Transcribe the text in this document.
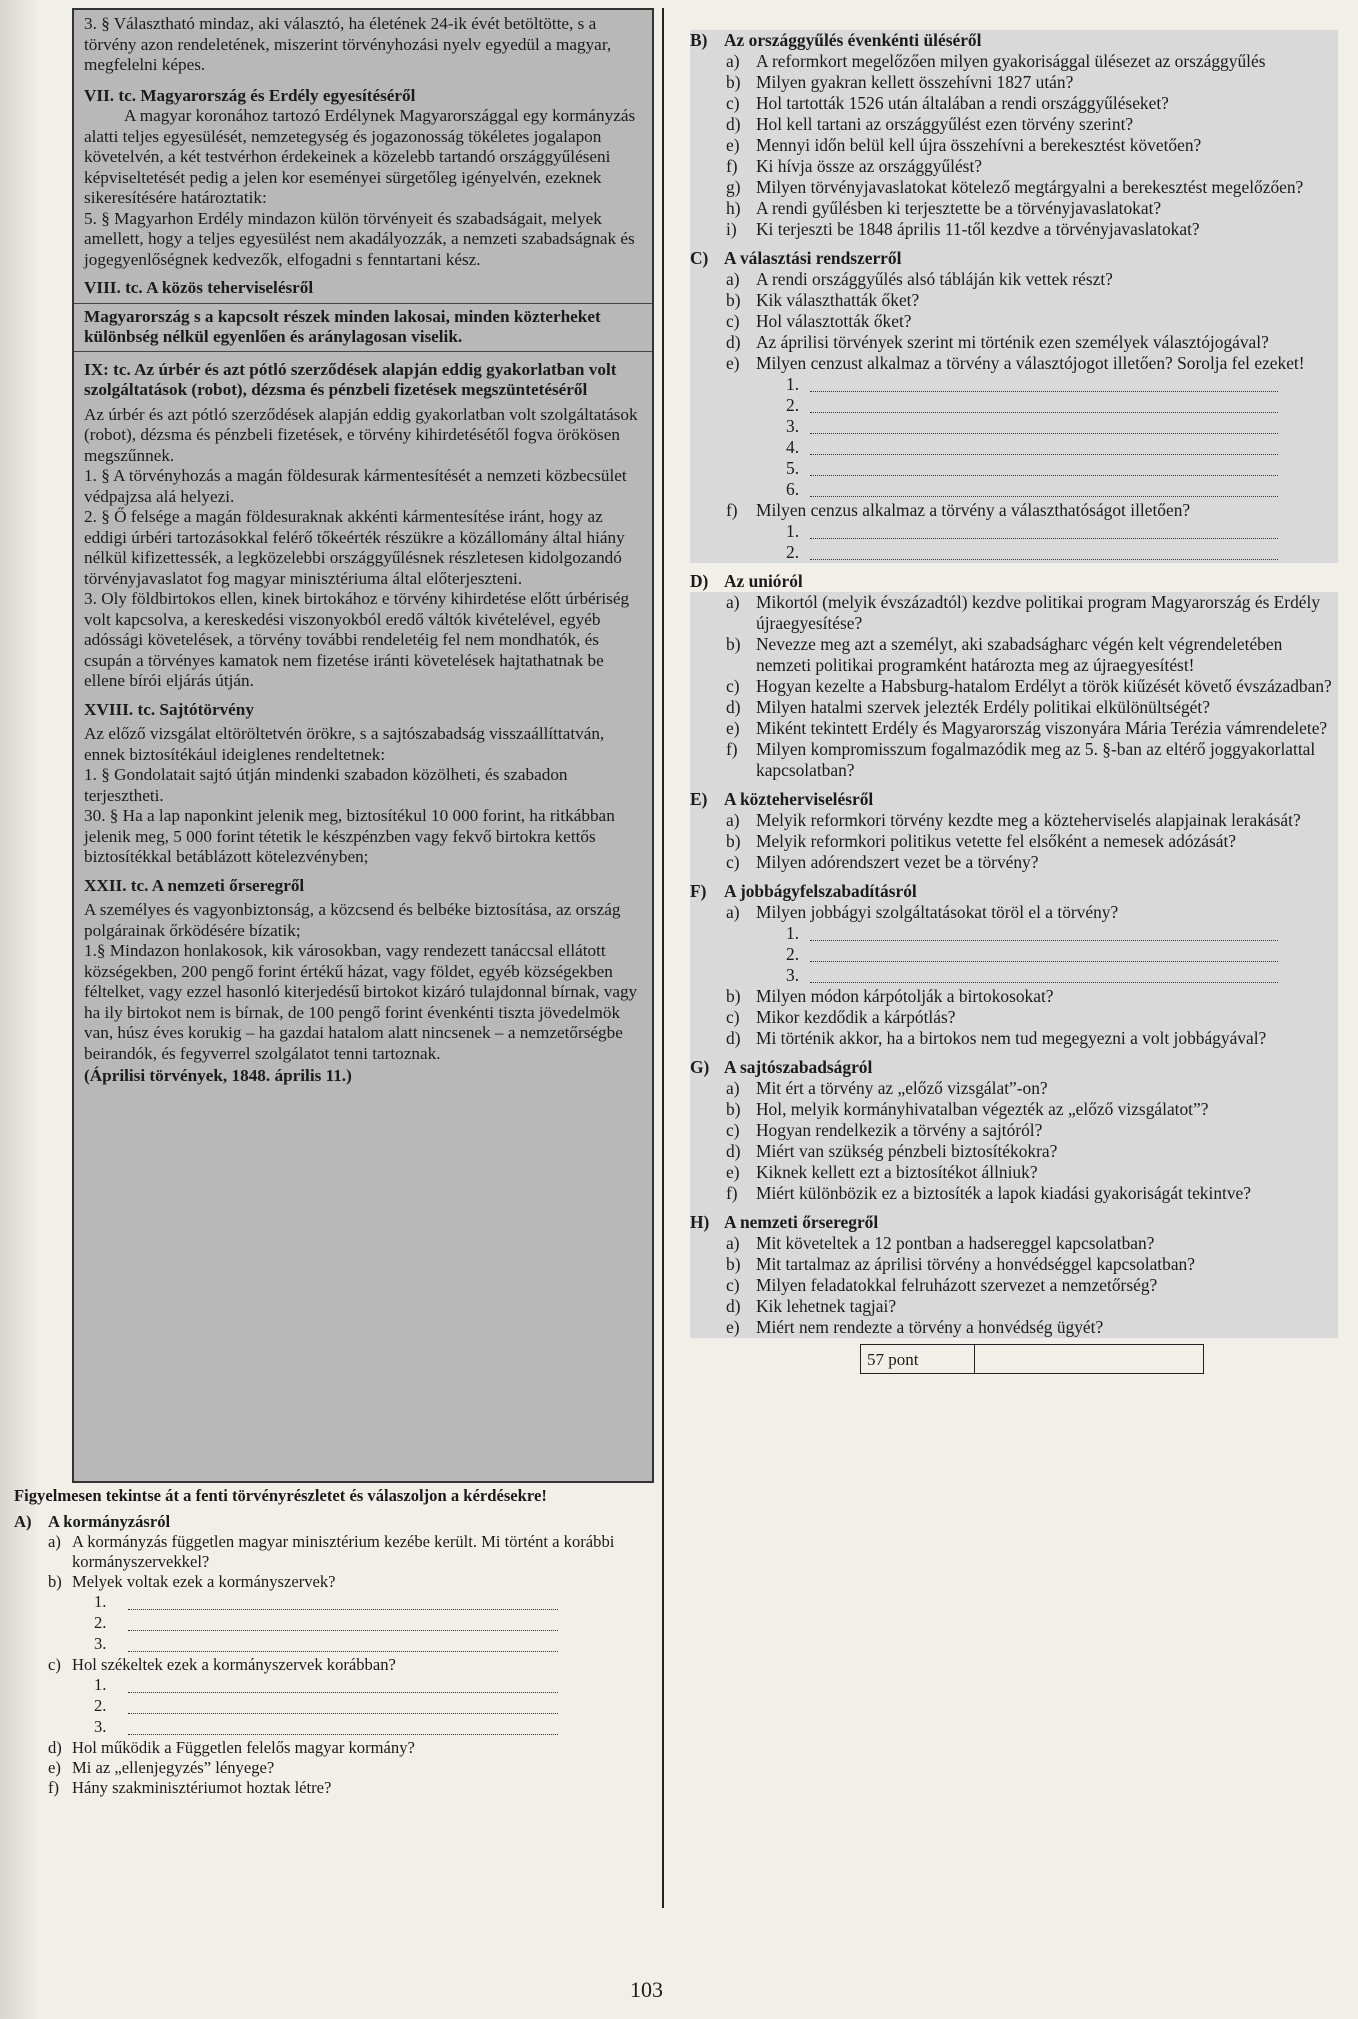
3. § Választható mindaz, aki választó, ha életének 24-ik évét betöltötte, s a törvény azon rendeletének, miszerint törvényhozási nyelv egyedül a magyar, megfelelni képes.

VII. tc. Magyarország és Erdély egyesítéséről

A magyar koronához tartozó Erdélynek Magyarországgal egy kormányzás alatti teljes egyesülését, nemzetegység és jogazonosság tökéletes jogalapon követelvén, a két testvérhon érdekeinek a közelebb tartandó országgyűléseni képviseltetését pedig a jelen kor eseményei sürgetőleg igényelvén, ezeknek sikeresítésére határoztatik:

5. § Magyarhon Erdély mindazon külön törvényeit és szabadságait, melyek amellett, hogy a teljes egyesülést nem akadályozzák, a nemzeti szabadságnak és jogegyenlőségnek kedvezők, elfogadni s fenntartani kész.

VIII. tc. A közös teherviselésről

Magyarország s a kapcsolt részek minden lakosai, minden közterheket különbség nélkül egyenlően és aránylagosan viselik.

IX: tc. Az úrbér és azt pótló szerződések alapján eddig gyakorlatban volt szolgáltatások (robot), dézsma és pénzbeli fizetések megszüntetéséről

Az úrbér és azt pótló szerződések alapján eddig gyakorlatban volt szolgáltatások (robot), dézsma és pénzbeli fizetések, e törvény kihirdetésétől fogva örökösen megszűnnek.

1. § A törvényhozás a magán földesurak kármentesítését a nemzeti közbecsület védpajzsa alá helyezi.

2. § Ő felsége a magán földesuraknak akkénti kármentesítése iránt, hogy az eddigi úrbéri tartozásokkal felérő tőkeérték részükre a közállomány által hiány nélkül kifizettessék, a legközelebbi országgyűlésnek részletesen kidolgozandó törvényjavaslatot fog magyar minisztériuma által előterjeszteni.

3. Oly földbirtokos ellen, kinek birtokához e törvény kihirdetése előtt úrbériség volt kapcsolva, a kereskedési viszonyokból eredő váltók kivételével, egyéb adóssági követelések, a törvény további rendeletéig fel nem mondhatók, és csupán a törvényes kamatok nem fizetése iránti követelések hajtathatnak be ellene bírói eljárás útján.

XVIII. tc. Sajtótörvény

Az előző vizsgálat eltöröltetvén örökre, s a sajtószabadság visszaállíttatván, ennek biztosítékául ideiglenes rendeltetnek:

1. § Gondolatait sajtó útján mindenki szabadon közölheti, és szabadon terjesztheti.

30. § Ha a lap naponkint jelenik meg, biztosítékul 10 000 forint, ha ritkábban jelenik meg, 5 000 forint tétetik le készpénzben vagy fekvő birtokra kettős biztosítékkal betáblázott kötelezvényben;

XXII. tc. A nemzeti őrseregről

A személyes és vagyonbiztonság, a közcsend és belbéke biztosítása, az ország polgárainak őrködésére bízatik;

1.§ Mindazon honlakosok, kik városokban, vagy rendezett tanáccsal ellátott községekben, 200 pengő forint értékű házat, vagy földet, egyéb községekben féltelket, vagy ezzel hasonló kiterjedésű birtokot kizáró tulajdonnal bírnak, vagy ha ily birtokot nem is bírnak, de 100 pengő forint évenkénti tiszta jövedelmök van, húsz éves korukig – ha gazdai hatalom alatt nincsenek – a nemzetőrségbe beirandók, és fegyverrel szolgálatot tenni tartoznak.

(Áprilisi törvények, 1848. április 11.)

Figyelmesen tekintse át a fenti törvényrészletet és válaszoljon a kérdésekre!

A) A kormányzásról
a) A kormányzás független magyar minisztérium kezébe került. Mi történt a korábbi kormányszervekkel?
b) Melyek voltak ezek a kormányszervek?
1.
2.
3.
c) Hol székeltek ezek a kormányszervek korábban?
1.
2.
3.
d) Hol működik a Független felelős magyar kormány?
e) Mi az „ellenjegyzés” lényege?
f) Hány szakminisztériumot hoztak létre?
B) Az országgyűlés évenkénti üléséről
a) A reformkort megelőzően milyen gyakorisággal ülésezet az országgyűlés
b) Milyen gyakran kellett összehívni 1827 után?
c) Hol tartották 1526 után általában a rendi országgyűléseket?
d) Hol kell tartani az országgyűlést ezen törvény szerint?
e) Mennyi időn belül kell újra összehívni a berekesztést követően?
f) Ki hívja össze az országgyűlést?
g) Milyen törvényjavaslatokat kötelező megtárgyalni a berekesztést megelőzően?
h) A rendi gyűlésben ki terjesztette be a törvényjavaslatokat?
i) Ki terjeszti be 1848 április 11-től kezdve a törvényjavaslatokat?
C) A választási rendszerről
a) A rendi országgyűlés alsó tábláján kik vettek részt?
b) Kik választhatták őket?
c) Hol választották őket?
d) Az áprilisi törvények szerint mi történik ezen személyek választójogával?
e) Milyen cenzust alkalmaz a törvény a választójogot illetően? Sorolja fel ezeket!
1.
2.
3.
4.
5.
6.
f) Milyen cenzus alkalmaz a törvény a választhatóságot illetően?
1.
2.
D) Az unióról
a) Mikortól (melyik évszázadtól) kezdve politikai program Magyarország és Erdély újraegyesítése?
b) Nevezze meg azt a személyt, aki szabadságharc végén kelt végrendeletében nemzeti politikai programként határozta meg az újraegyesítést!
c) Hogyan kezelte a Habsburg-hatalom Erdélyt a török kiűzését követő évszázadban?
d) Milyen hatalmi szervek jelezték Erdély politikai elkülönültségét?
e) Miként tekintett Erdély és Magyarország viszonyára Mária Terézia vámrendelete?
f) Milyen kompromisszum fogalmazódik meg az 5. §-ban az eltérő joggyakorlattal kapcsolatban?
E) A közteherviselésről
a) Melyik reformkori törvény kezdte meg a közteherviselés alapjainak lerakását?
b) Melyik reformkori politikus vetette fel elsőként a nemesek adózását?
c) Milyen adórendszert vezet be a törvény?
F) A jobbágyfelszabadításról
a) Milyen jobbágyi szolgáltatásokat töröl el a törvény?
1.
2.
3.
b) Milyen módon kárpótolják a birtokosokat?
c) Mikor kezdődik a kárpótlás?
d) Mi történik akkor, ha a birtokos nem tud megegyezni a volt jobbágyával?
G) A sajtószabadságról
a) Mit ért a törvény az „előző vizsgálat”-on?
b) Hol, melyik kormányhivatalban végezték az „előző vizsgálatot”?
c) Hogyan rendelkezik a törvény a sajtóról?
d) Miért van szükség pénzbeli biztosítékokra?
e) Kiknek kellett ezt a biztosítékot állniuk?
f) Miért különbözik ez a biztosíték a lapok kiadási gyakoriságát tekintve?
H) A nemzeti őrseregről
a) Mit követeltek a 12 pontban a hadsereggel kapcsolatban?
b) Mit tartalmaz az áprilisi törvény a honvédséggel kapcsolatban?
c) Milyen feladatokkal felruházott szervezet a nemzetőrség?
d) Kik lehetnek tagjai?
e) Miért nem rendezte a törvény a honvédség ügyét?
57 pont
103
